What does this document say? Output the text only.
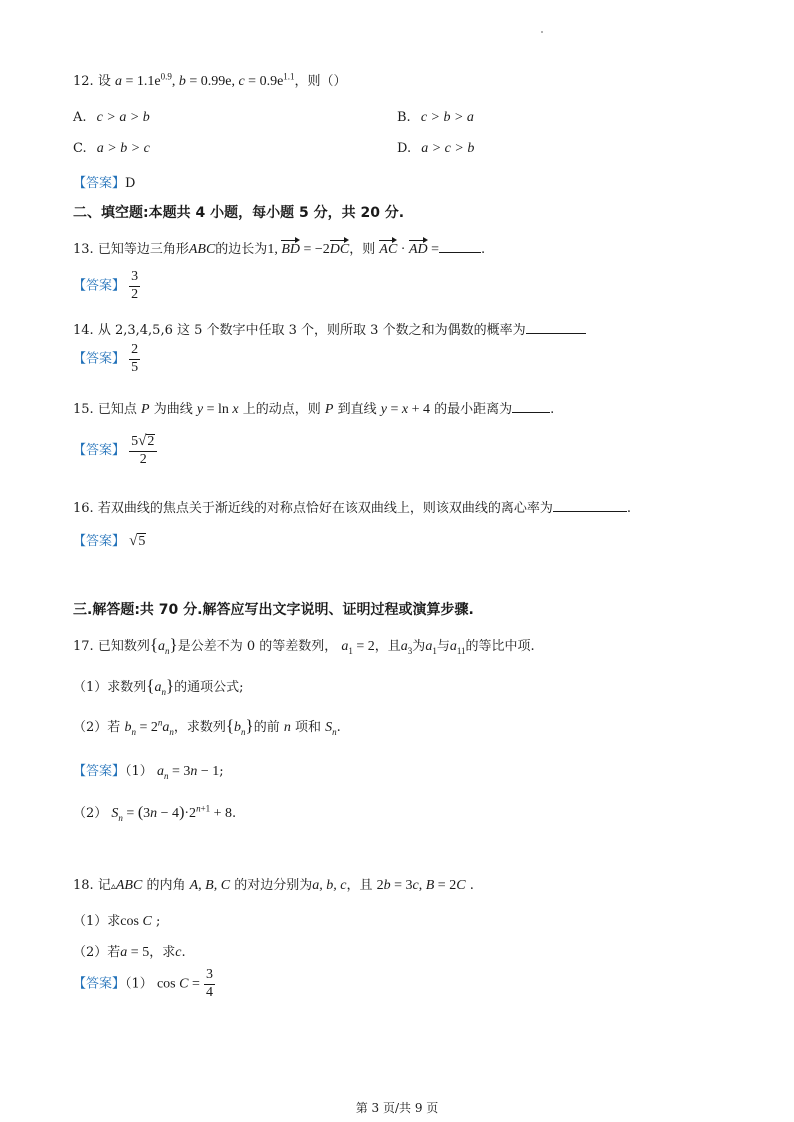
12. 设 $a = 1.1e^{0.9}$, b = 0.99e, $c = 0.9e^{1.1}$，则（）
A. c > a > b	B. c > b > a
C. a > b > c	D. a > c > b
【答案】D
二、填空题:本题共 4 小题，每小题 5 分，共 20 分.
13. 已知等边三角形ABC的边长为1, BD = −2DC，则 AC · AD =	.
【答案】 $\frac{3}{2}$
14. 从 2,3,4,5,6 这 5 个数字中任取 3 个，则所取 3 个数之和为偶数的概率为
【答案】 $\frac{2}{5}$
15. 已知点 P 为曲线 y = ln x 上的动点，则 P 到直线 y = x + 4 的最小距离为	.
【答案】 $\frac{5 √ 2}{2}$
16. 若双曲线的焦点关于渐近线的对称点恰好在该双曲线上，则该双曲线的离心率为	.
【答案】 √ 5
三.解答题:共 70 分.解答应写出文字说明、证明过程或演算步骤.
17. 已知数列$\{a_n\}$是公差不为 0 的等差数列， $a_1 = 2$，且$a_3$为$a_1$与$a_{11}$的等比中项.
（1）求数列$\{a_n\}$的通项公式;
（2）若 $b_n = 2^na_n$，求数列$\{b_n\}$的前 n 项和 $S_n$.
【答案】（1） $a_n = 3n - 1$;
（2） $S_n = (3n - 4)\cdot 2^{n+1} + 8$.
18. 记▵ABC 的内角 A, B, C 的对边分别为a, b, c，且 2b = 3c, B = 2C .
（1）求cos C ;
（2）若a = 5，求c.
【答案】（1） $\cos C = \frac{3}{4}$
第 3 页/共 9 页
